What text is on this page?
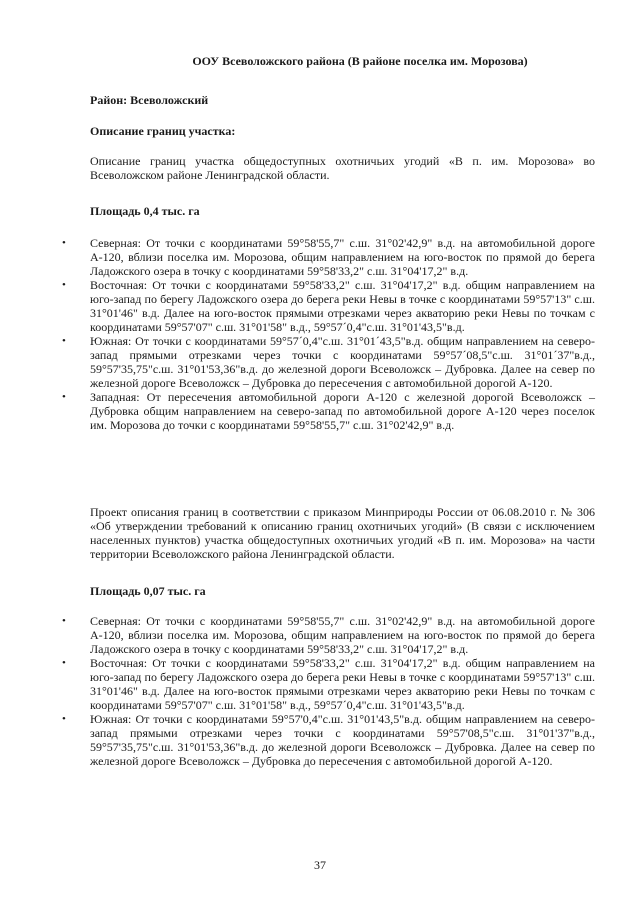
ООУ Всеволожского района (В районе поселка им. Морозова)
Район: Всеволожский
Описание границ участка:
Описание границ участка общедоступных охотничьих угодий «В п. им. Морозова» во Всеволожском районе Ленинградской области.
Площадь 0,4 тыс. га
• Северная: От точки с координатами 59°58'55,7" с.ш. 31°02'42,9" в.д. на автомобильной дороге А-120, вблизи поселка им. Морозова, общим направлением на юго-восток по прямой до берега Ладожского озера в точку с координатами 59°58'33,2" с.ш. 31°04'17,2" в.д.
• Восточная: От точки с координатами 59°58'33,2" с.ш. 31°04'17,2" в.д. общим направлением на юго-запад по берегу Ладожского озера до берега реки Невы в точке с координатами 59°57'13" с.ш. 31°01'46" в.д. Далее на юго-восток прямыми отрезками через акваторию реки Невы по точкам с координатами 59°57'07" с.ш. 31°01'58" в.д., 59°57´0,4"с.ш. 31°01'43,5"в.д.
• Южная: От точки с координатами 59°57´0,4"с.ш. 31°01´43,5"в.д. общим направлением на северо-запад прямыми отрезками через точки с координатами 59°57´08,5"с.ш. 31°01´37"в.д., 59°57'35,75"с.ш. 31°01'53,36"в.д. до железной дороги Всеволожск – Дубровка. Далее на север по железной дороге Всеволожск – Дубровка до пересечения с автомобильной дорогой А-120.
• Западная: От пересечения автомобильной дороги А-120 с железной дорогой Всеволожск – Дубровка общим направлением на северо-запад по автомобильной дороге А-120 через поселок им. Морозова до точки с координатами 59°58'55,7" с.ш. 31°02'42,9" в.д.
Проект описания границ в соответствии с приказом Минприроды России от 06.08.2010 г. № 306 «Об утверждении требований к описанию границ охотничьих угодий» (В связи с исключением населенных пунктов) участка общедоступных охотничьих угодий «В п. им. Морозова» на части территории Всеволожского района Ленинградской области.
Площадь 0,07 тыс. га
• Северная: От точки с координатами 59°58'55,7" с.ш. 31°02'42,9" в.д. на автомобильной дороге А-120, вблизи поселка им. Морозова, общим направлением на юго-восток по прямой до берега Ладожского озера в точку с координатами 59°58'33,2" с.ш. 31°04'17,2" в.д.
• Восточная: От точки с координатами 59°58'33,2" с.ш. 31°04'17,2" в.д. общим направлением на юго-запад по берегу Ладожского озера до берега реки Невы в точке с координатами 59°57'13" с.ш. 31°01'46" в.д. Далее на юго-восток прямыми отрезками через акваторию реки Невы по точкам с координатами 59°57'07" с.ш. 31°01'58" в.д., 59°57´0,4"с.ш. 31°01'43,5"в.д.
• Южная: От точки с координатами 59°57'0,4"с.ш. 31°01'43,5"в.д. общим направлением на северо-запад прямыми отрезками через точки с координатами 59°57'08,5"с.ш. 31°01'37"в.д., 59°57'35,75"с.ш. 31°01'53,36"в.д. до железной дороги Всеволожск – Дубровка. Далее на север по железной дороге Всеволожск – Дубровка до пересечения с автомобильной дорогой А-120.
37
